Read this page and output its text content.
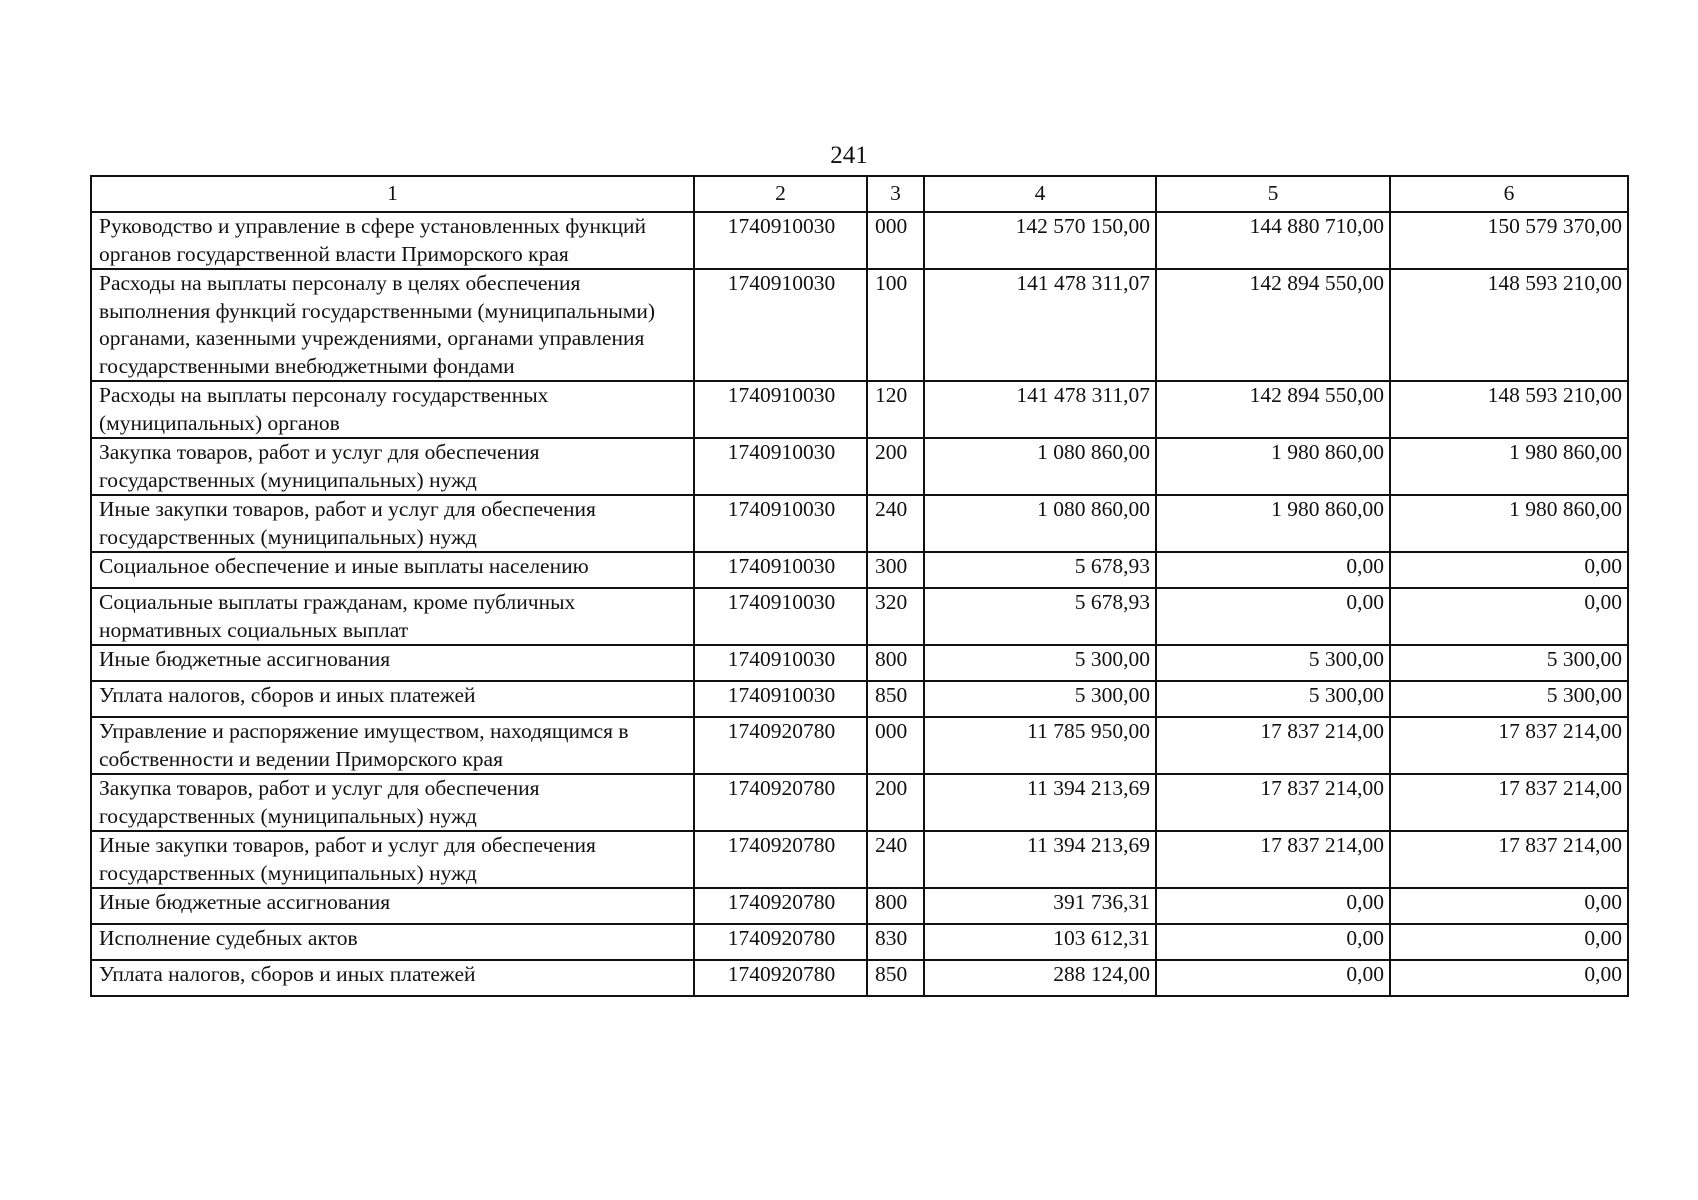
241
1	2	3	4	5	6
Руководство и управление в сфере установленных функций органов государственной власти Приморского края	1740910030	000	142 570 150,00	144 880 710,00	150 579 370,00
Расходы на выплаты персоналу в целях обеспечения выполнения функций государственными (муниципальными) органами, казенными учреждениями, органами управления государственными внебюджетными фондами	1740910030	100	141 478 311,07	142 894 550,00	148 593 210,00
Расходы на выплаты персоналу государственных (муниципальных) органов	1740910030	120	141 478 311,07	142 894 550,00	148 593 210,00
Закупка товаров, работ и услуг для обеспечения государственных (муниципальных) нужд	1740910030	200	1 080 860,00	1 980 860,00	1 980 860,00
Иные закупки товаров, работ и услуг для обеспечения государственных (муниципальных) нужд	1740910030	240	1 080 860,00	1 980 860,00	1 980 860,00
Социальное обеспечение и иные выплаты населению	1740910030	300	5 678,93	0,00	0,00
Социальные выплаты гражданам, кроме публичных нормативных социальных выплат	1740910030	320	5 678,93	0,00	0,00
Иные бюджетные ассигнования	1740910030	800	5 300,00	5 300,00	5 300,00
Уплата налогов, сборов и иных платежей	1740910030	850	5 300,00	5 300,00	5 300,00
Управление и распоряжение имуществом, находящимся в собственности и ведении Приморского края	1740920780	000	11 785 950,00	17 837 214,00	17 837 214,00
Закупка товаров, работ и услуг для обеспечения государственных (муниципальных) нужд	1740920780	200	11 394 213,69	17 837 214,00	17 837 214,00
Иные закупки товаров, работ и услуг для обеспечения государственных (муниципальных) нужд	1740920780	240	11 394 213,69	17 837 214,00	17 837 214,00
Иные бюджетные ассигнования	1740920780	800	391 736,31	0,00	0,00
Исполнение судебных актов	1740920780	830	103 612,31	0,00	0,00
Уплата налогов, сборов и иных платежей	1740920780	850	288 124,00	0,00	0,00
